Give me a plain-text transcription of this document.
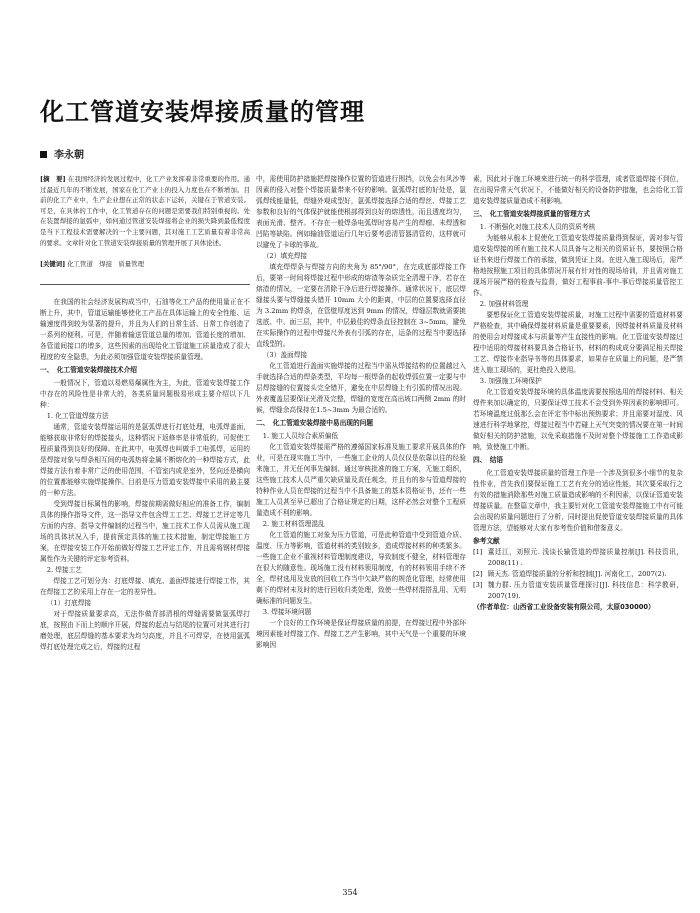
化工管道安装焊接质量的管理
李永朝
[摘　要] 在我国经济的发展过程中，化工产业发挥着非常重要的作用。通过最近几年的不断发展，国家在化工产业上的投入力度也在不断增加。目前的化工产业中，生产企业想在正常的状态下运转，关键在于管道安装。可是，在具体的工作中，化工管道存在的问题是需要我们特别重视的。处在装置焊接的氩弧中，如何通过管道安装焊接将企业的损失降到最低程度是当下工程技术需要解决的一个主要问题，其对施工工艺质量有着非常高的要求。文章针对化工管道安装焊接质量的管理开展了具体论述。
[关键词] 化工管道　焊接　质量管理

在我国的社会经济发展构成当中，石油等化工产品的使用量正在不断上升，其中，管道运输能够使化工产品在具体运输上的安全性能、运输速度得到较为显著的提升，并且为人们的日常生活、日常工作创造了一系列的便利。可是，伴随着输送管道总量的增加、管道长度的增加、各管道间接口的增多，这些因素的出现给化工管道施工质量造成了很大程度的安全隐患，为此必须加强管道安装焊接质量管理。

一、　化工管道安装焊接技术介绍

一般情况下，管道以易燃易爆属性为主，为此，管道安装焊接工作中存在的风险性是非常大的，各类质量问题极易形成主要介绍以下几种：

1. 化工管道焊接方法

通常，管道安装焊接运用的是氩弧焊进行打底处理，电弧焊盖面，能够获取非常好的焊接接头，这种情况下返修率是非常低的，可促使工程质量得到良好的保障。在此其中，电弧焊也叫做手工电弧焊，运用的是焊接对象与焊条相互间的电弧热将金属不断熔化的一种焊接方式，此焊接方法有着非常广泛的使用范围，不管室内或是室外，竖向还是横向的位置都能够实施焊接操作。目前是压力管道安装焊接中采用的最主要的一种方法。

受到焊接目标属性的影响，焊接前期需做好相应的准备工作，编制具体的操作指导文件，这一指导文件包含焊工工艺、焊接工艺评定等几方面的内容，指导文件编制的过程当中，施工技术工作人员需从施工现场的具体状况入手，提前预定具体的施工技术措施，制定焊接施工方案，在焊接安装工作开始前做好焊接工艺评定工作，并且需将钢材焊接属性作为关键的评定参考资料。

2. 焊接工艺

焊接工艺可划分为：打底焊接、填充、盖面焊接进行焊接工作，其在焊接工艺的采用上存在一定的差异性。

（1）打底焊接

对于焊接质量要求高，无法作做背部清根的焊缝需要做氩弧焊打底，按照由下而上的顺序开展，焊接的起点与结尾的位置可对其进行打磨处理，底层焊缝的基本要求为均匀高度，并且不可焊穿，在使用氩弧焊打底处理完成之后，焊接的过程

中，需使用防护措施把焊接操作位置的管道进行围挡，以免会有风沙等因素的侵入对整个焊接质量带来不好的影响。氩弧焊打底的好处是，氩弧焊线能量低，焊缝外观成型好，氩弧焊接选择合适的焊丝、焊接工艺参数和良好的气体保护就能使根部得到良好的熔透性，而且透度均匀，表面光滑、整齐。不存在一般焊条电弧焊时容易产生的焊瘤、未焊透和凹陷等缺陷。例如输油管道运行几年后要考虑清管器清管的，这样就可以避免了卡球的事故。

（2）填充焊接

填充焊焊条与焊接方向的夹角为 85°/90°，在完成底部焊接工作后，要第一时间将焊接过程中形成的熔渣等杂质完全清理干净，若存在熔渣的情况，一定要在清除干净后进行焊接操作。通常状况下，底层焊缝接头要与焊缝接头错开 10mm 大小的距离，中层的位置要选择直径为 3.2mm 的焊条，在管壁厚度达到 9mm 的情况，焊缝层数就需要挑选底、中、面三层，其中，中层最佳的焊条直径控制在 3~5mm，避免在实际操作的过程中焊接尺外表有引弧的存在，运条的过程当中要选择直线型的。

（3）盖面焊接

化工管道进行盖面实施焊接的过程当中需从焊接结构的位置越过入手就选择合适的焊条类型，平均每一根焊条的起收焊弧位置一定要与中层焊接缝的位置接头完全错开，避免在中层焊缝上有引弧的情况出现。外表覆盖层要保证光滑及完整，焊缝的宽度在高出坡口两侧 2mm 的时候，焊缝余高保持在1.5~3mm 为最合适的。

二、　化工管道安装焊接中易出现的问题
1. 施工人员综合素质偏低

化工管道安装焊接需严格的遵循国家标准及施工要求开展具体的作业，可是在现实施工当中，一些施工企业的人员仅仅是依靠以往的经验来施工，并无任何事先编制、通过审核批准的施工方案，无施工组织，这些施工技术人员严重欠缺质量及责任观念，并且有的参与管道焊接的特种作业人员在焊接的过程当中不具备施工的基本资格证书，还有一些施工人员甚至早已超出了合格证规定的日期，这样必然会对整个工程质量造成不利的影响。

2. 施工材料管理混乱

化工管道的施工对象为压力管道，可是此种管道中受到管道介质、温度、压力等影响，管道材料的类别较多，造成焊接材料的种类繁多。一些施工企业不重视材料管理制度建设，导致制度不健全，材料管理存在很大的随意性。现场施工没有材料领用制度，有的材料领用手续不齐全，焊材选用及发放的回收工作当中欠缺严格的规范化管理，经常使用剩下的焊材未及时的进行回收归类处理，致使一些焊材混搭乱用、无明确标准的问题发生。

3. 焊接环境问题

一个良好的工作环境是保证焊接质量的前提，在焊接过程中外部环境因素能对焊接工作、焊接工艺产生影响，其中天气是一个重要的环境影响因

素，因此对于施工环境来进行统一的科学管理，或者管道焊接不到位，在出现异常天气状况下，不能做好相关的设备防护措施，也会给化工管道安装焊接质量造成不利影响。

三、　化工管道安装焊接质量的管理方式
1. 不断强化对施工技术人员的资质考核

为能够从根本上促使化工管道安装焊接质量得到保证，需对参与管道安装焊接的所有施工技术人员具备与之相关的资质证书，要按照合格证书来进行焊接工作的承接，做到凭证上岗。在进入施工现场后，需严格地按照施工项目的具体情况开展有针对性的现场培训，并且需对施工现场开展严格的检查与监督，做好工程事前-事中-事后焊接质量管控工作。

2. 加强材料管理

要想保证化工管道安装焊接质量，对施工过程中需要的管道材料要严格检查，其中确保焊接材料质量是重要要素，因焊接材料质量及材料的使用会对焊接成本与质量等产生直接性的影响。化工管道安装焊接过程中适用的焊接材料要具备合格证书，材料的构成成分要满足相关焊接工艺、焊接作业指导书等的具体要求，如果存在质量上的问题，是严禁进入施工现场的，更杜绝投入使用。

3. 加强施工环境保护

化工管道安装焊接环境的具体温度需要按照选用的焊接材料、相关焊件来加以确定的，只要保证焊工技术不会受到外界因素的影响即可。若环境温度过低那么会在评定书中标出预热要求；并且需要对湿度、风速进行科学地掌控，焊接过程当中若碰上天气突变的情况要在第一时间做好相关的防护措施，以免采取措施不及时对整个焊接施工工作造成影响，致使施工中断。

四、　结语

化工管道安装焊接质量的管理工作是一个涉及到很多小细节的复杂性作业，首先我们要保证施工工艺有充分的适应性能，其次要采取行之有效的措施消除那些对施工质量造成影响的不利因素，以保证管道安装焊接质量。在整篇文章中，我主要针对化工管道安装焊接施工中有可能会出现的质量问题进行了分析，同时提出促使管道安装焊接质量的具体管理方法，望能够对大家有参考性价值和借鉴意义。

参考文献
[1] 董廷江，刘照元. 浅谈长输管道的焊接质量控制[J]. 科技资讯，2008(11) .
[2] 顾天杰. 管道焊接质量的分析和控制[J]. 河南化工，2007(2).
[3] 魏力群. 压力管道安装质量管理探讨[J]. 科技信息：科学教研，2007(19).
（作者单位：山西省工业设备安装有限公司，太原030000）
354
